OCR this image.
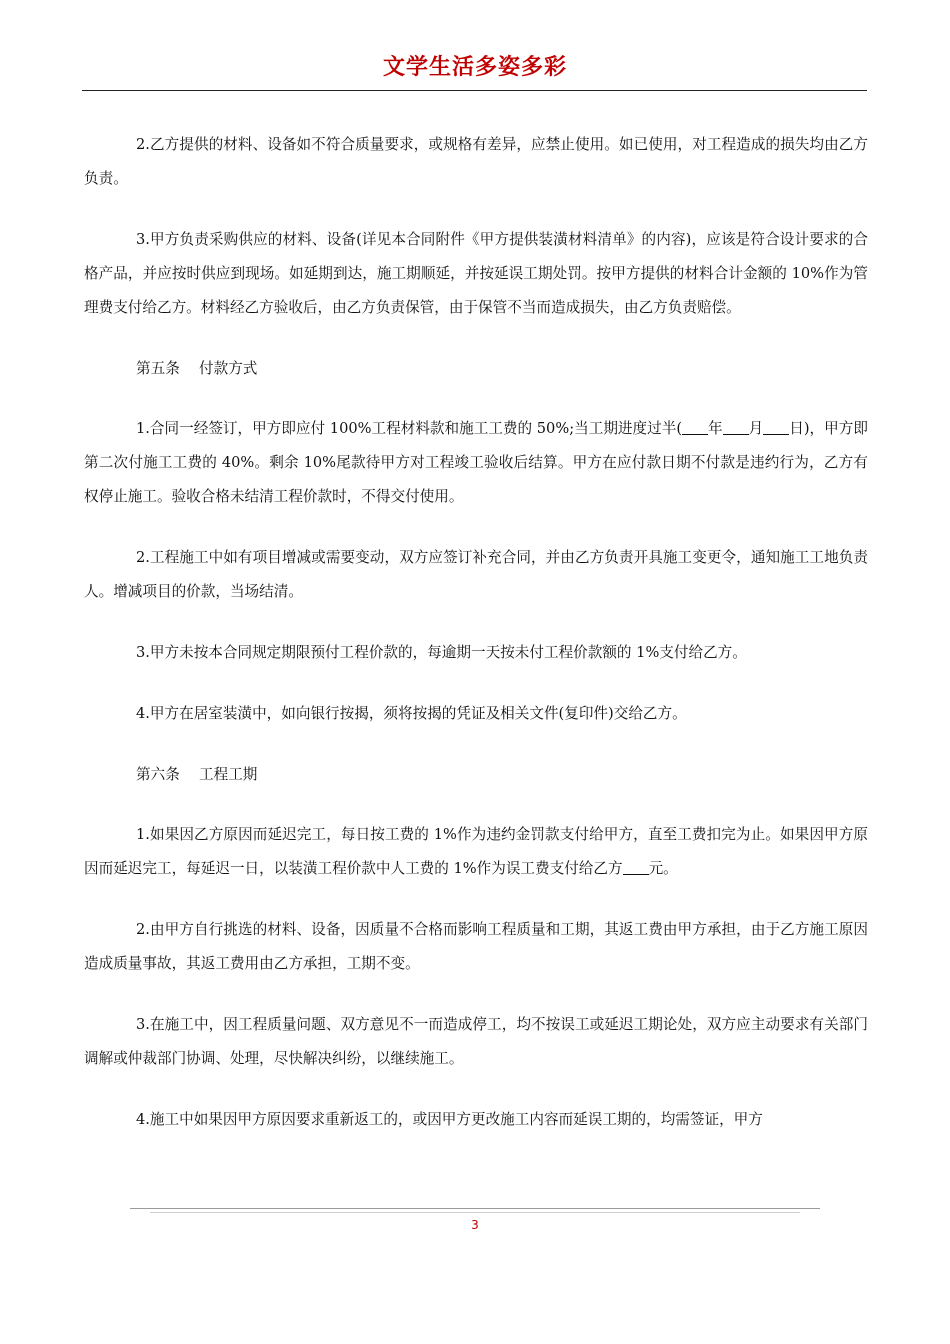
文学生活多姿多彩

2.乙方提供的材料、设备如不符合质量要求，或规格有差异，应禁止使用。如已使用，对工程造成的损失均由乙方负责。

3.甲方负责采购供应的材料、设备(详见本合同附件《甲方提供装潢材料清单》的内容)，应该是符合设计要求的合格产品，并应按时供应到现场。如延期到达，施工期顺延，并按延误工期处罚。按甲方提供的材料合计金额的 10%作为管理费支付给乙方。材料经乙方验收后，由乙方负责保管，由于保管不当而造成损失，由乙方负责赔偿。

第五条　 付款方式

1.合同一经签订，甲方即应付 100%工程材料款和施工工费的 50%;当工期进度过半( 年 月 日)，甲方即第二次付施工工费的 40%。剩余 10%尾款待甲方对工程竣工验收后结算。甲方在应付款日期不付款是违约行为，乙方有权停止施工。验收合格未结清工程价款时，不得交付使用。

2.工程施工中如有项目增减或需要变动，双方应签订补充合同，并由乙方负责开具施工变更令，通知施工工地负责人。增减项目的价款，当场结清。

3.甲方未按本合同规定期限预付工程价款的，每逾期一天按未付工程价款额的 1%支付给乙方。

4.甲方在居室装潢中，如向银行按揭，须将按揭的凭证及相关文件(复印件)交给乙方。

第六条　 工程工期

1.如果因乙方原因而延迟完工，每日按工费的 1%作为违约金罚款支付给甲方，直至工费扣完为止。如果因甲方原因而延迟完工，每延迟一日，以装潢工程价款中人工费的 1%作为误工费支付给乙方 元。

2.由甲方自行挑选的材料、设备，因质量不合格而影响工程质量和工期，其返工费由甲方承担，由于乙方施工原因造成质量事故，其返工费用由乙方承担，工期不变。

3.在施工中，因工程质量问题、双方意见不一而造成停工，均不按误工或延迟工期论处，双方应主动要求有关部门调解或仲裁部门协调、处理，尽快解决纠纷，以继续施工。

4.施工中如果因甲方原因要求重新返工的，或因甲方更改施工内容而延误工期的，均需签证，甲方

3
